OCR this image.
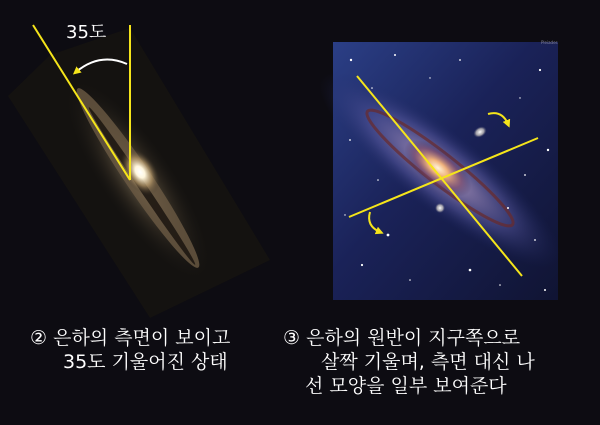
35도	Pleiades
② 은하의 측면이 보이고
35도 기울어진 상태
③ 은하의 원반이 지구쪽으로
살짝 기울며, 측면 대신 나
선 모양을 일부 보여준다
